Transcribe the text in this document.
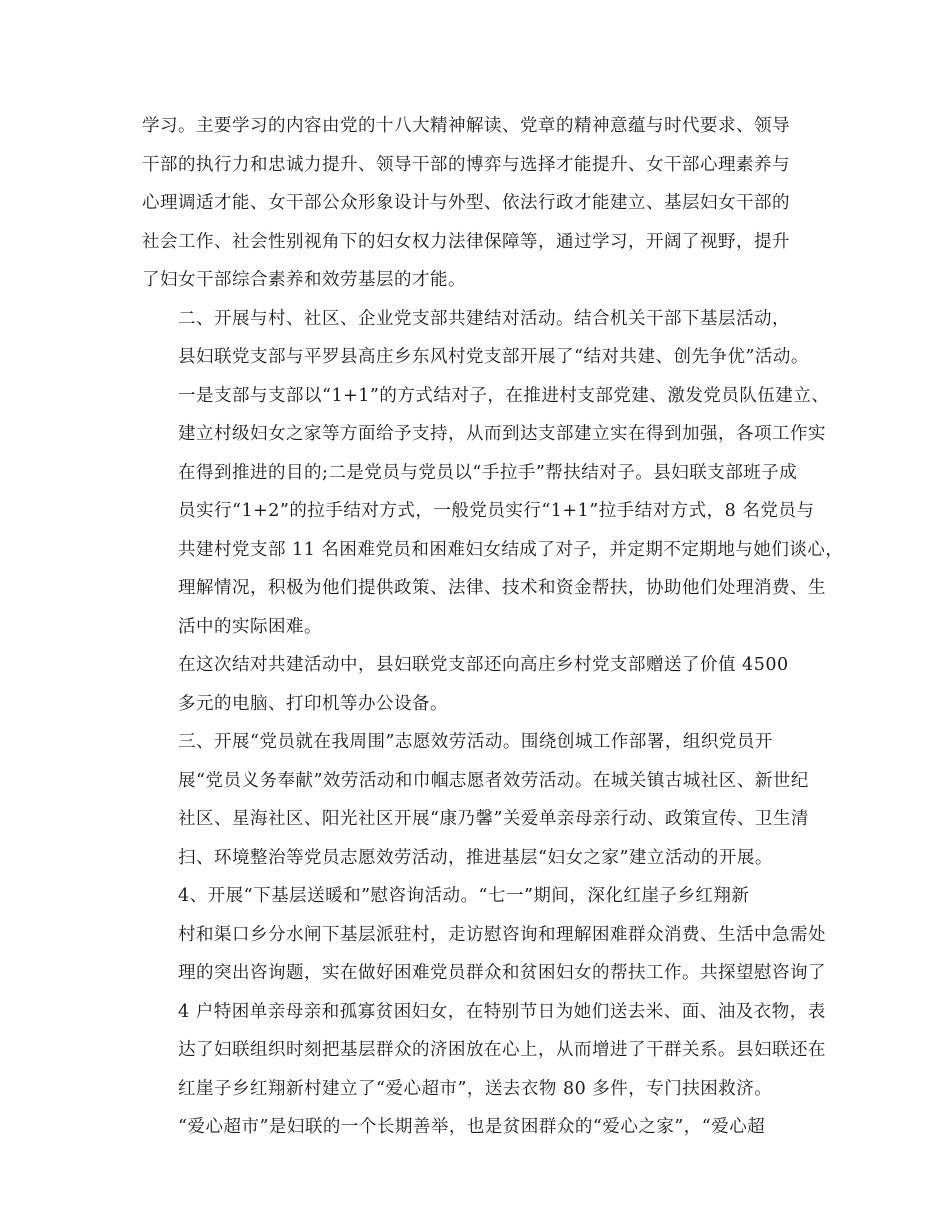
学习。主要学习的内容由党的十八大精神解读、党章的精神意蕴与时代要求、领导
干部的执行力和忠诚力提升、领导干部的博弈与选择才能提升、女干部心理素养与
心理调适才能、女干部公众形象设计与外型、依法行政才能建立、基层妇女干部的
社会工作、社会性别视角下的妇女权力法律保障等，通过学习，开阔了视野，提升
了妇女干部综合素养和效劳基层的才能。

二、开展与村、社区、企业党支部共建结对活动。结合机关干部下基层活动，
县妇联党支部与平罗县高庄乡东风村党支部开展了“结对共建、创先争优”活动。
一是支部与支部以“1+1”的方式结对子，在推进村支部党建、激发党员队伍建立、
建立村级妇女之家等方面给予支持，从而到达支部建立实在得到加强，各项工作实
在得到推进的目的;二是党员与党员以“手拉手”帮扶结对子。县妇联支部班子成
员实行“1+2”的拉手结对方式，一般党员实行“1+1”拉手结对方式，8 名党员与
共建村党支部 11 名困难党员和困难妇女结成了对子，并定期不定期地与她们谈心，
理解情况，积极为他们提供政策、法律、技术和资金帮扶，协助他们处理消费、生
活中的实际困难。

在这次结对共建活动中，县妇联党支部还向高庄乡村党支部赠送了价值 4500
多元的电脑、打印机等办公设备。

三、开展“党员就在我周围”志愿效劳活动。围绕创城工作部署，组织党员开
展“党员义务奉献”效劳活动和巾帼志愿者效劳活动。在城关镇古城社区、新世纪
社区、星海社区、阳光社区开展“康乃馨”关爱单亲母亲行动、政策宣传、卫生清
扫、环境整治等党员志愿效劳活动，推进基层“妇女之家”建立活动的开展。

4、开展“下基层送暖和”慰咨询活动。“七一”期间，深化红崖子乡红翔新
村和渠口乡分水闸下基层派驻村，走访慰咨询和理解困难群众消费、生活中急需处
理的突出咨询题，实在做好困难党员群众和贫困妇女的帮扶工作。共探望慰咨询了
4 户特困单亲母亲和孤寡贫困妇女，在特别节日为她们送去米、面、油及衣物，表
达了妇联组织时刻把基层群众的济困放在心上，从而增进了干群关系。县妇联还在
红崖子乡红翔新村建立了“爱心超市”，送去衣物 80 多件，专门扶困救济。
“爱心超市”是妇联的一个长期善举，也是贫困群众的“爱心之家”，“爱心超
